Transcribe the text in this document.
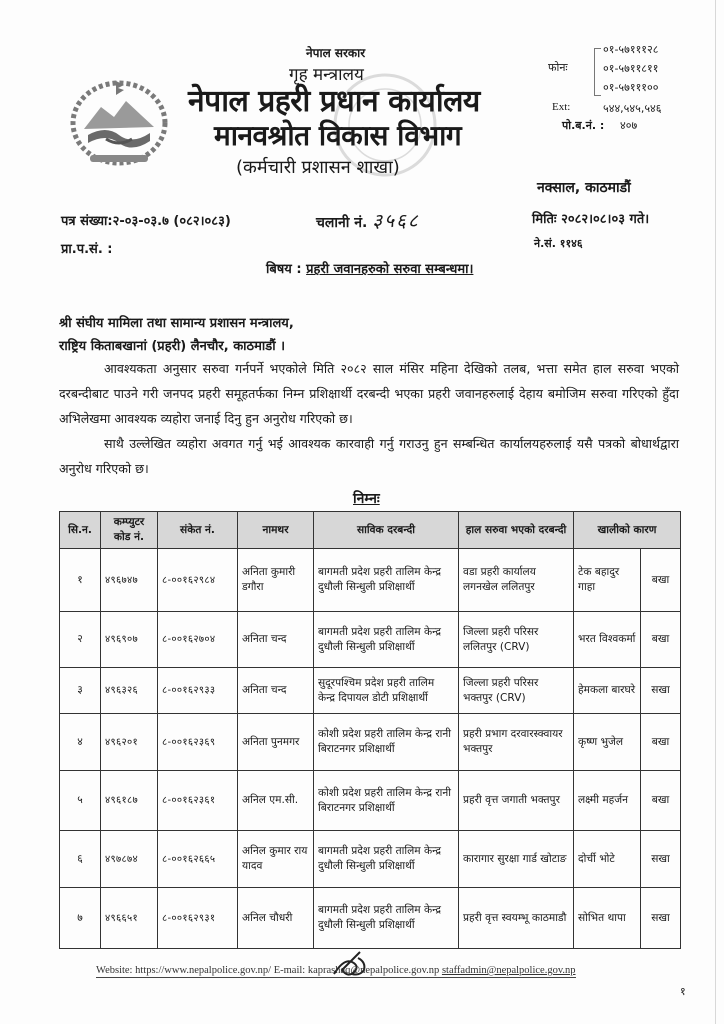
नेपाल सरकार
गृह मन्त्रालय
नेपाल प्रहरी प्रधान कार्यालय
मानवश्रोत विकास विभाग
(कर्मचारी प्रशासन शाखा)
फोनः
०१-५७१११२८
०१-५७११८११
०१-५७१११००
Ext:	५४४,५४५,५४६
पो.ब.नं. : ४०७
नक्साल, काठमाडौं
पत्र संख्या:२-०३-०३.७ (०८२।०८३)	चलानी नं. ३५६८	मितिः २०८२।०८।०३ गते।
ने.सं. ११४६
प्रा.प.सं. :
बिषय : प्रहरी जवानहरुको सरुवा सम्बन्धमा।
श्री संघीय मामिला तथा सामान्य प्रशासन मन्त्रालय,
राष्ट्रिय किताबखानां (प्रहरी) लैनचौर, काठमाडौं ।
आवश्यकता अनुसार सरुवा गर्नपर्ने भएकोले मिति २०८२ साल मंसिर महिना देखिको तलब, भत्ता समेत हाल सरुवा भएको दरबन्दीबाट पाउने गरी जनपद प्रहरी समूहतर्फका निम्न प्रशिक्षार्थी दरबन्दी भएका प्रहरी जवानहरुलाई देहाय बमोजिम सरुवा गरिएको हुँदा अभिलेखमा आवश्यक व्यहोरा जनाई दिनु हुन अनुरोध गरिएको छ।
साथै उल्लेखित व्यहोरा अवगत गर्नु भई आवश्यक कारवाही गर्नु गराउनु हुन सम्बन्धित कार्यालयहरुलाई यसै पत्रको बोधार्थद्वारा अनुरोध गरिएको छ।
निम्नः
सि.न.	कम्प्युटर कोड नं.	संकेत नं.	नामथर	साविक दरबन्दी	हाल सरुवा भएको दरबन्दी	खालीको कारण	
१	४९६७४७	८-००१६२९८४	अनिता कुमारी डगौरा	बागमती प्रदेश प्रहरी तालिम केन्द्र दुधौली सिन्धुली प्रशिक्षार्थी	वडा प्रहरी कार्यालय लगनखेल ललितपुर	टेक बहादुर गाहा	बखा
२	४९६९०७	८-००१६२७०४	अनिता चन्द	बागमती प्रदेश प्रहरी तालिम केन्द्र दुधौली सिन्धुली प्रशिक्षार्थी	जिल्ला प्रहरी परिसर ललितपुर (CRV)	भरत विश्वकर्मा	बखा
३	४९६३२६	८-००१६२९३३	अनिता चन्द	सुदूरपश्चिम प्रदेश प्रहरी तालिम केन्द्र दिपायल डोटी प्रशिक्षार्थी	जिल्ला प्रहरी परिसर भक्तपुर (CRV)	हेमकला बारघरे	सखा
४	४९६२०१	८-००१६२३६९	अनिता पुनमगर	कोशी प्रदेश प्रहरी तालिम केन्द्र रानी बिराटनगर प्रशिक्षार्थी	प्रहरी प्रभाग दरवारस्क्वायर भक्तपुर	कृष्ण भुजेल	बखा
५	४९६१८७	८-००१६२३६१	अनिल एम.सी.	कोशी प्रदेश प्रहरी तालिम केन्द्र रानी बिराटनगर प्रशिक्षार्थी	प्रहरी वृत्त जगाती भक्तपुर	लक्ष्मी महर्जन	बखा
६	४९७८७४	८-००१६२६६५	अनिल कुमार राय यादव	बागमती प्रदेश प्रहरी तालिम केन्द्र दुधौली सिन्धुली प्रशिक्षार्थी	कारागार सुरक्षा गार्ड खोटाङ	दोर्ची भोटे	सखा
७	४९६६५१	८-००१६२९३१	अनिल चौधरी	बागमती प्रदेश प्रहरी तालिम केन्द्र दुधौली सिन्धुली प्रशिक्षार्थी	प्रहरी वृत्त स्वयम्भू काठमाडौ	सोभित थापा	सखा
Website: https://www.nepalpolice.gov.np/ E-mail: kaprashaq@nepalpolice.gov.np staffadmin@nepalpolice.gov.np
१
